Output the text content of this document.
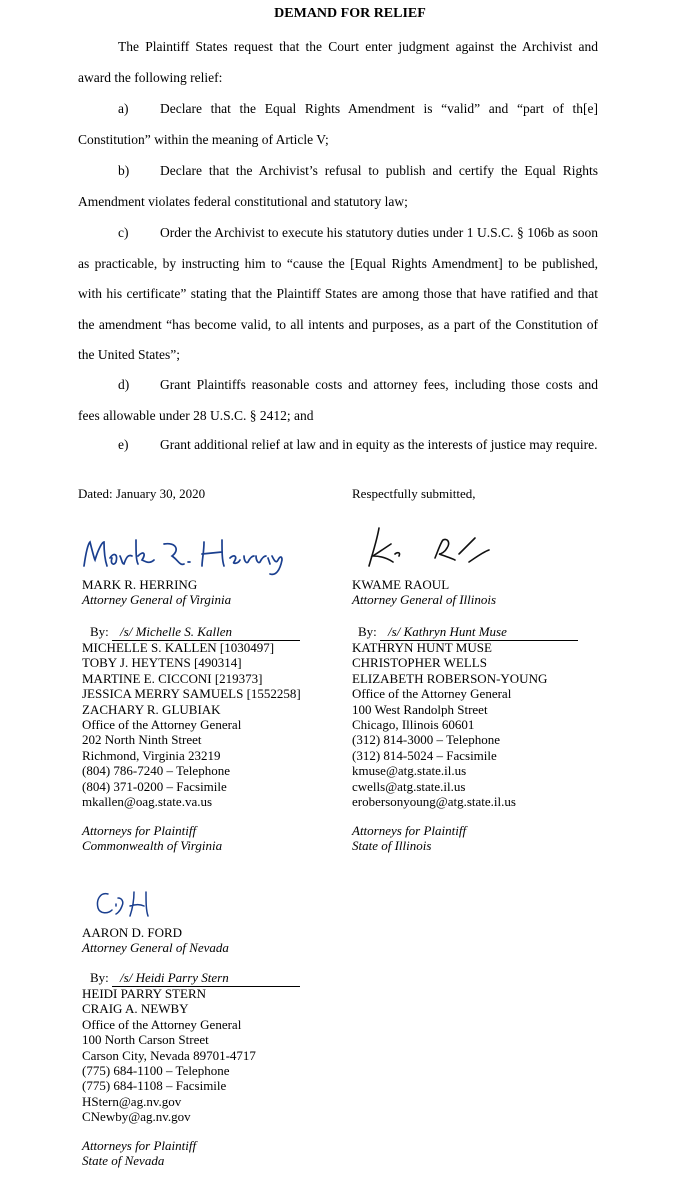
DEMAND FOR RELIEF
The Plaintiff States request that the Court enter judgment against the Archivist and award the following relief:
a) Declare that the Equal Rights Amendment is “valid” and “part of th[e] Constitution” within the meaning of Article V;
b) Declare that the Archivist’s refusal to publish and certify the Equal Rights Amendment violates federal constitutional and statutory law;
c) Order the Archivist to execute his statutory duties under 1 U.S.C. § 106b as soon as practicable, by instructing him to “cause the [Equal Rights Amendment] to be published, with his certificate” stating that the Plaintiff States are among those that have ratified and that the amendment “has become valid, to all intents and purposes, as a part of the Constitution of the United States”;
d) Grant Plaintiffs reasonable costs and attorney fees, including those costs and fees allowable under 28 U.S.C. § 2412; and
e) Grant additional relief at law and in equity as the interests of justice may require.
Dated: January 30, 2020	Respectfully submitted,
MARK R. HERRING
Attorney General of Virginia
By: /s/ Michelle S. Kallen
MICHELLE S. KALLEN [1030497]
TOBY J. HEYTENS [490314]
MARTINE E. CICCONI [219373]
JESSICA MERRY SAMUELS [1552258]
ZACHARY R. GLUBIAK
Office of the Attorney General
202 North Ninth Street
Richmond, Virginia 23219
(804) 786-7240 – Telephone
(804) 371-0200 – Facsimile
mkallen@oag.state.va.us
Attorneys for Plaintiff
Commonwealth of Virginia
KWAME RAOUL
Attorney General of Illinois
By: /s/ Kathryn Hunt Muse
KATHRYN HUNT MUSE
CHRISTOPHER WELLS
ELIZABETH ROBERSON-YOUNG
Office of the Attorney General
100 West Randolph Street
Chicago, Illinois 60601
(312) 814-3000 – Telephone
(312) 814-5024 – Facsimile
kmuse@atg.state.il.us
cwells@atg.state.il.us
erobersonyoung@atg.state.il.us
Attorneys for Plaintiff
State of Illinois
AARON D. FORD
Attorney General of Nevada
By: /s/ Heidi Parry Stern
HEIDI PARRY STERN
CRAIG A. NEWBY
Office of the Attorney General
100 North Carson Street
Carson City, Nevada 89701-4717
(775) 684-1100 – Telephone
(775) 684-1108 – Facsimile
HStern@ag.nv.gov
CNewby@ag.nv.gov
Attorneys for Plaintiff
State of Nevada
